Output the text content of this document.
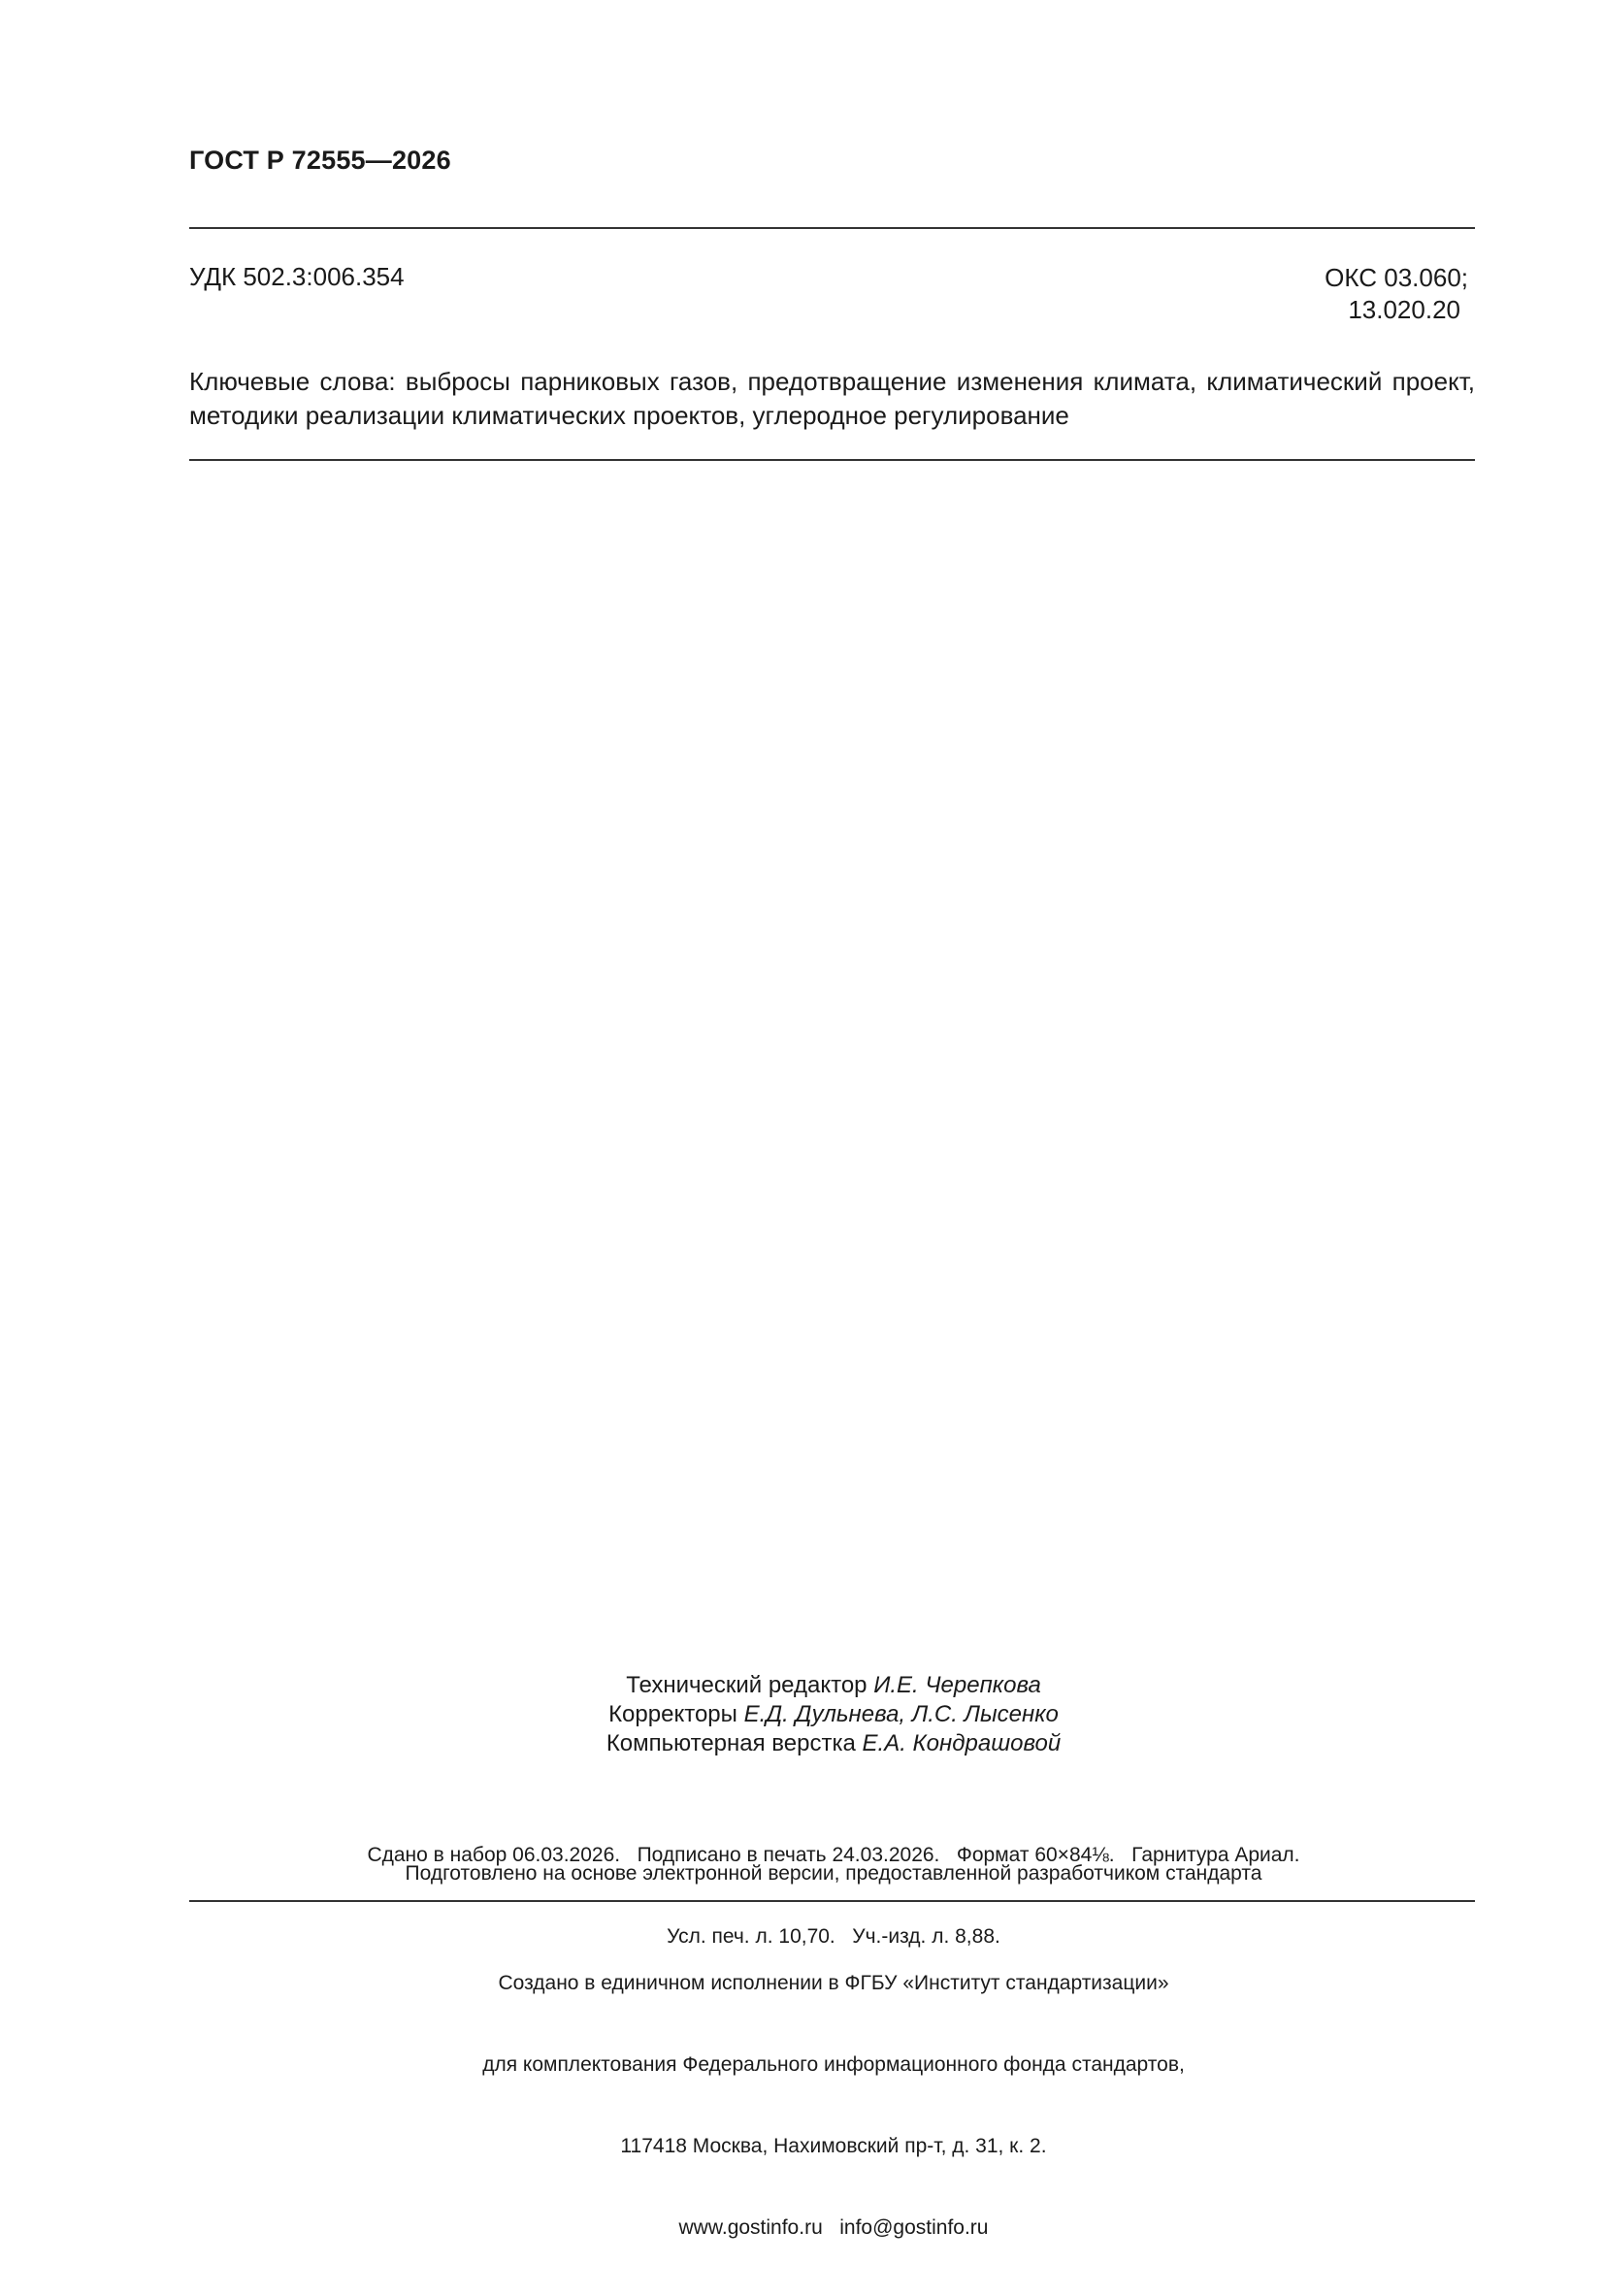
ГОСТ Р 72555—2026
УДК 502.3:006.354	ОКС 03.060;
13.020.20
Ключевые слова: выбросы парниковых газов, предотвращение изменения климата, климатический проект, методики реализации климатических проектов, углеродное регулирование
Технический редактор И.Е. Черепкова
Корректоры Е.Д. Дульнева, Л.С. Лысенко
Компьютерная верстка Е.А. Кондрашовой

Сдано в набор 06.03.2026.   Подписано в печать 24.03.2026.   Формат 60×84⅛.   Гарнитура Ариал.

Усл. печ. л. 10,70.   Уч.-изд. л. 8,88.

Подготовлено на основе электронной версии, предоставленной разработчиком стандарта

Создано в единичном исполнении в ФГБУ «Институт стандартизации»

для комплектования Федерального информационного фонда стандартов,

117418 Москва, Нахимовский пр-т, д. 31, к. 2.

www.gostinfo.ru   info@gostinfo.ru
